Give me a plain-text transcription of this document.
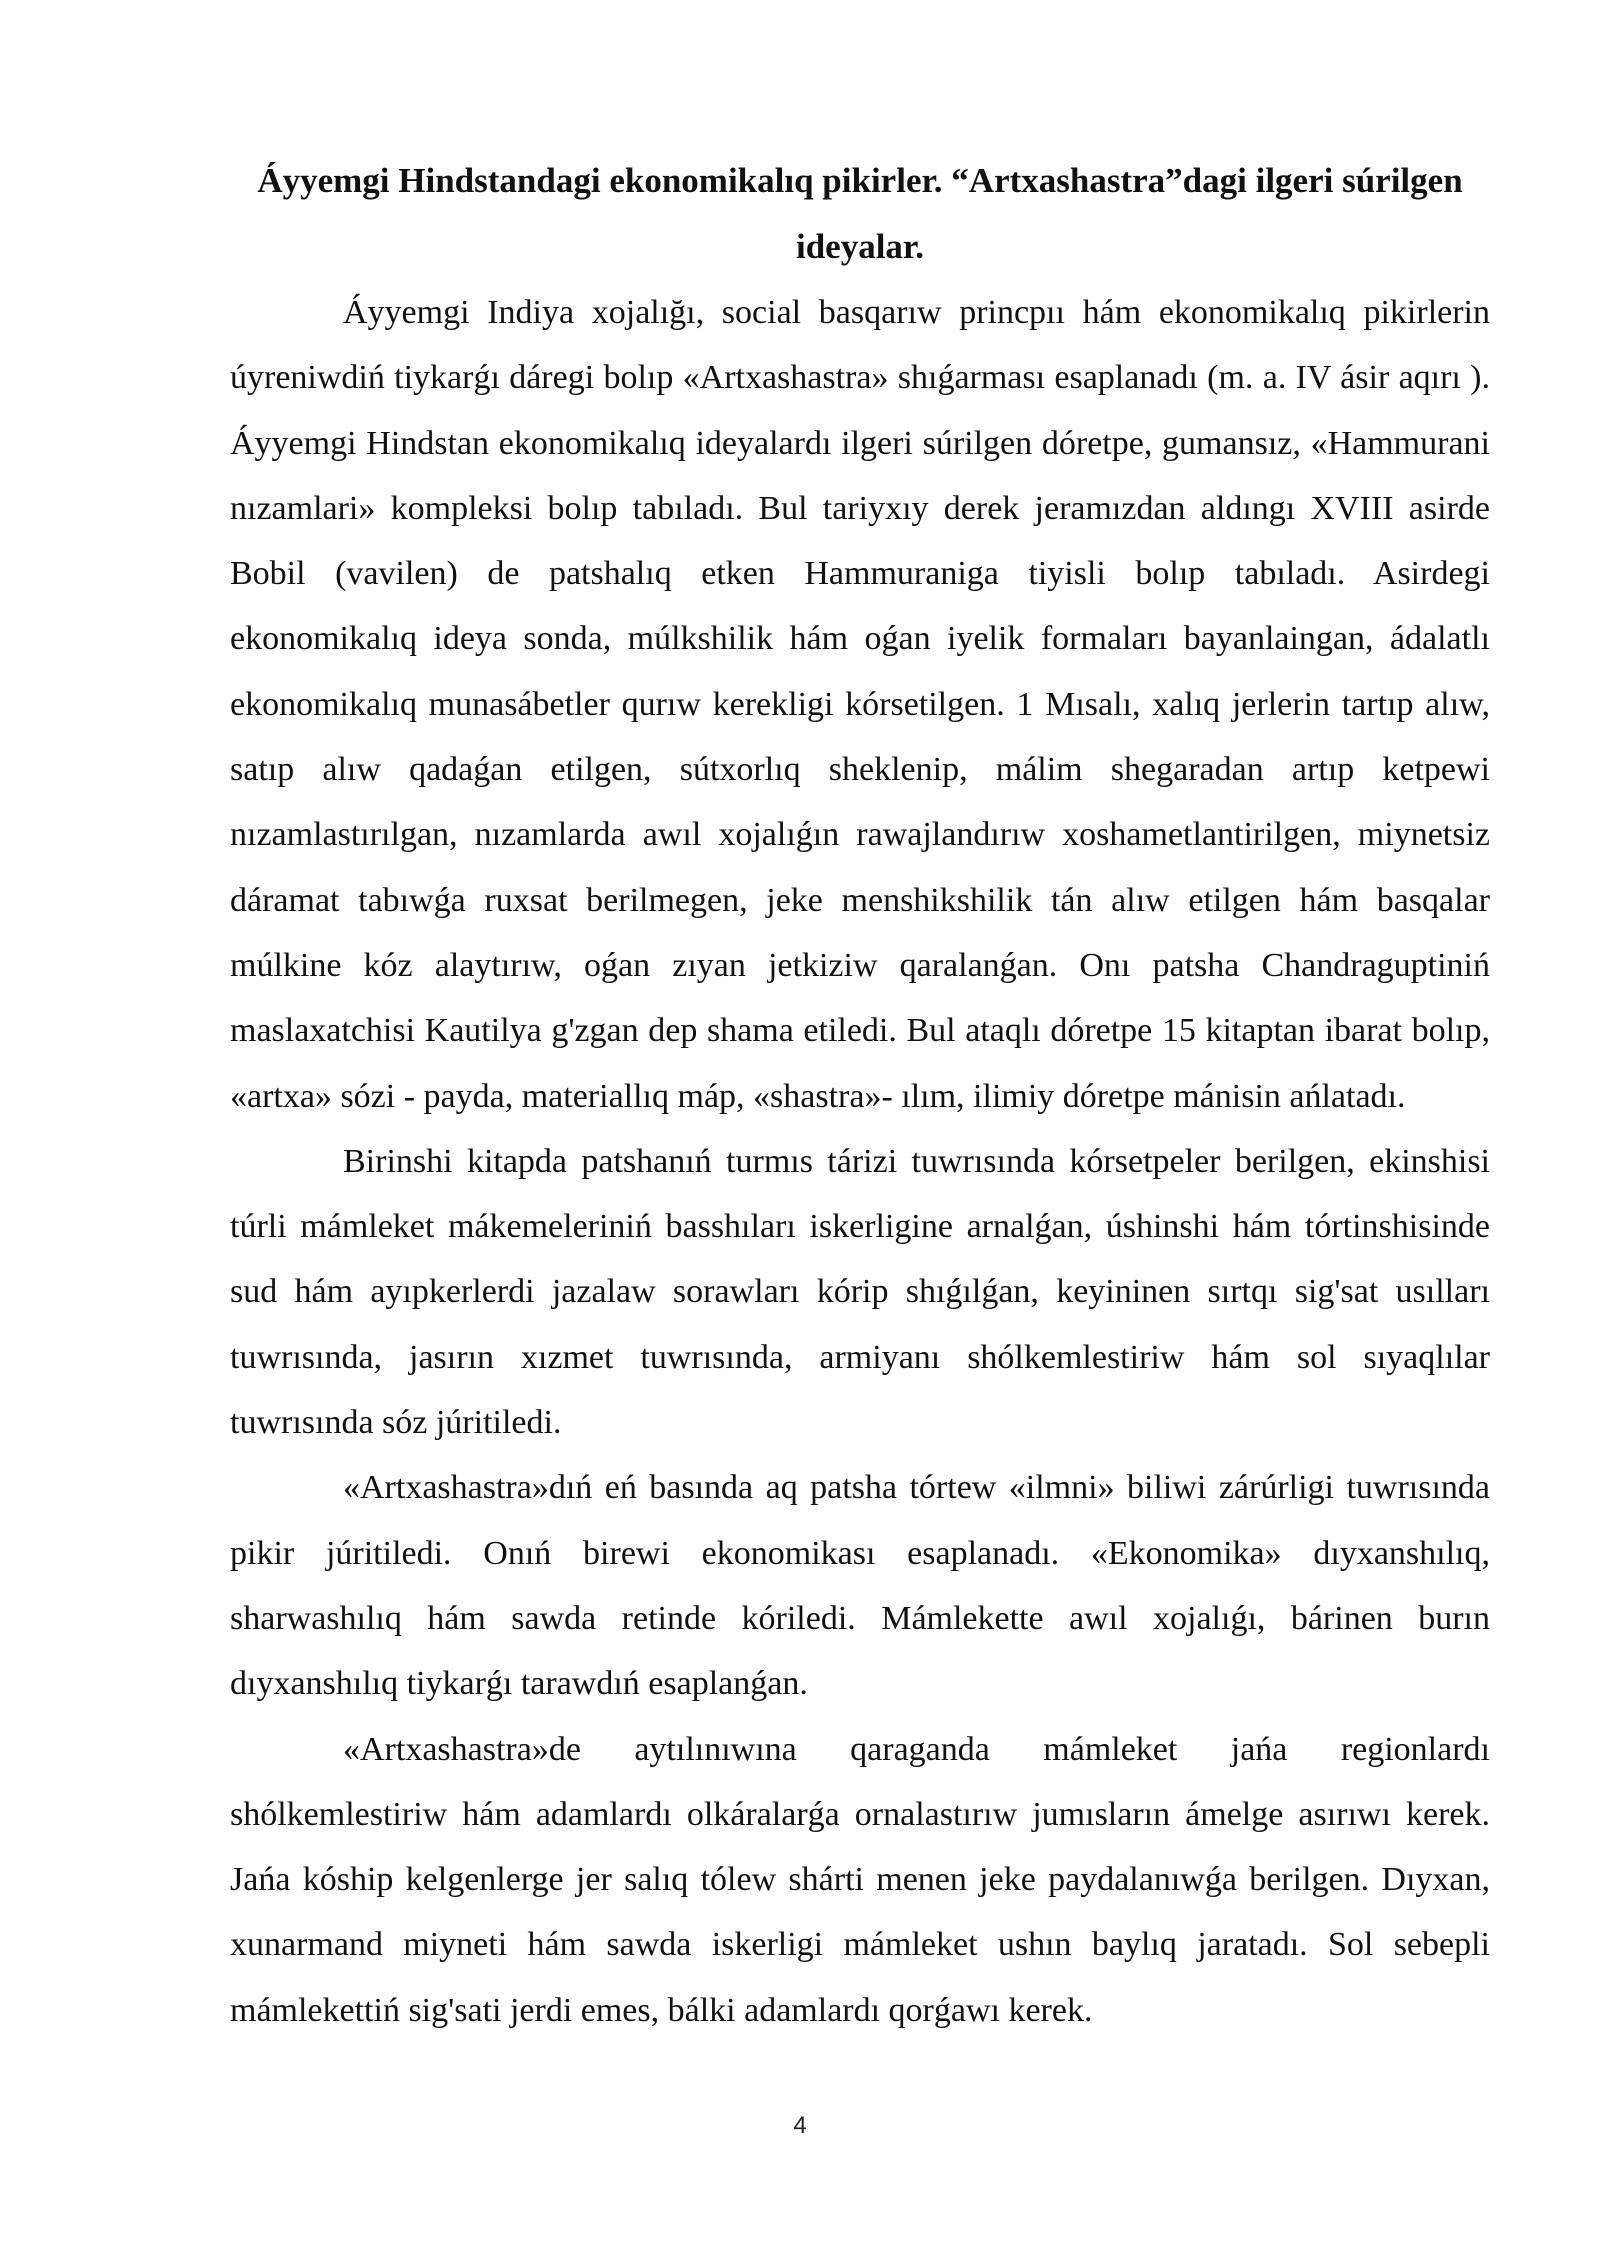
Áyyemgi Hindstandagi ekonomikalıq pikirler. “Artxashastra”dagi ilgeri súrilgen ideyalar.

Áyyemgi Indiya xojalığı, social basqarıw princpıı hám ekonomikalıq pikirlerin úyreniwdiń tiykarǵı dáregi bolıp «Artxashastra» shıǵarması esaplanadı (m. a. IV ásir aqırı ). Áyyemgi Hindstan ekonomikalıq ideyalardı ilgeri súrilgen dóretpe, gumansız, «Hammurani nızamlari» kompleksi bolıp tabıladı. Bul tariyxıy derek jeramızdan aldıngı XVIII asirde Bobil (vavilen) de patshalıq etken Hammuraniga tiyisli bolıp tabıladı. Asirdegi ekonomikalıq ideya sonda, múlkshilik hám oǵan iyelik formaları bayanlaingan, ádalatlı ekonomikalıq munasábetler qurıw kerekligi kórsetilgen. 1 Mısalı, xalıq jerlerin tartıp alıw, satıp alıw qadaǵan etilgen, sútxorlıq sheklenip, málim shegaradan artıp ketpewi nızamlastırılgan, nızamlarda awıl xojalıǵın rawajlandırıw xoshametlantirilgen, miynetsiz dáramat tabıwǵa ruxsat berilmegen, jeke menshikshilik tán alıw etilgen hám basqalar múlkine kóz alaytırıw, oǵan zıyan jetkiziw qaralanǵan. Onı patsha Chandraguptiniń maslaxatchisi Kautilya g'zgan dep shama etiledi. Bul ataqlı dóretpe 15 kitaptan ibarat bolıp, «artxa» sózi - payda, materiallıq máp, «shastra»- ılım, ilimiy dóretpe mánisin ańlatadı.

Birinshi kitapda patshanıń turmıs tárizi tuwrısında kórsetpeler berilgen, ekinshisi túrli mámleket mákemeleriniń basshıları iskerligine arnalǵan, úshinshi hám tórtinshisinde sud hám ayıpkerlerdi jazalaw sorawları kórip shıǵılǵan, keyininen sırtqı sig'sat usılları tuwrısında, jasırın xızmet tuwrısında, armiyanı shólkemlestiriw hám sol sıyaqlılar tuwrısında sóz júritiledi.

«Artxashastra»dıń eń basında aq patsha tórtew «ilmni» biliwi zárúrligi tuwrısında pikir júritiledi. Onıń birewi ekonomikası esaplanadı. «Ekonomika» dıyxanshılıq, sharwashılıq hám sawda retinde kóriledi. Mámlekette awıl xojalıǵı, bárinen burın dıyxanshılıq tiykarǵı tarawdıń esaplanǵan.

«Artxashastra»de aytılınıwına qaraganda mámleket jańa regionlardı shólkemlestiriw hám adamlardı olkáralarǵa ornalastırıw jumısların ámelge asırıwı kerek. Jańa kóship kelgenlerge jer salıq tólew shárti menen jeke paydalanıwǵa berilgen. Dıyxan, xunarmand miyneti hám sawda iskerligi mámleket ushın baylıq jaratadı. Sol sebepli mámlekettiń sig'sati jerdi emes, bálki adamlardı qorǵawı kerek.

4
